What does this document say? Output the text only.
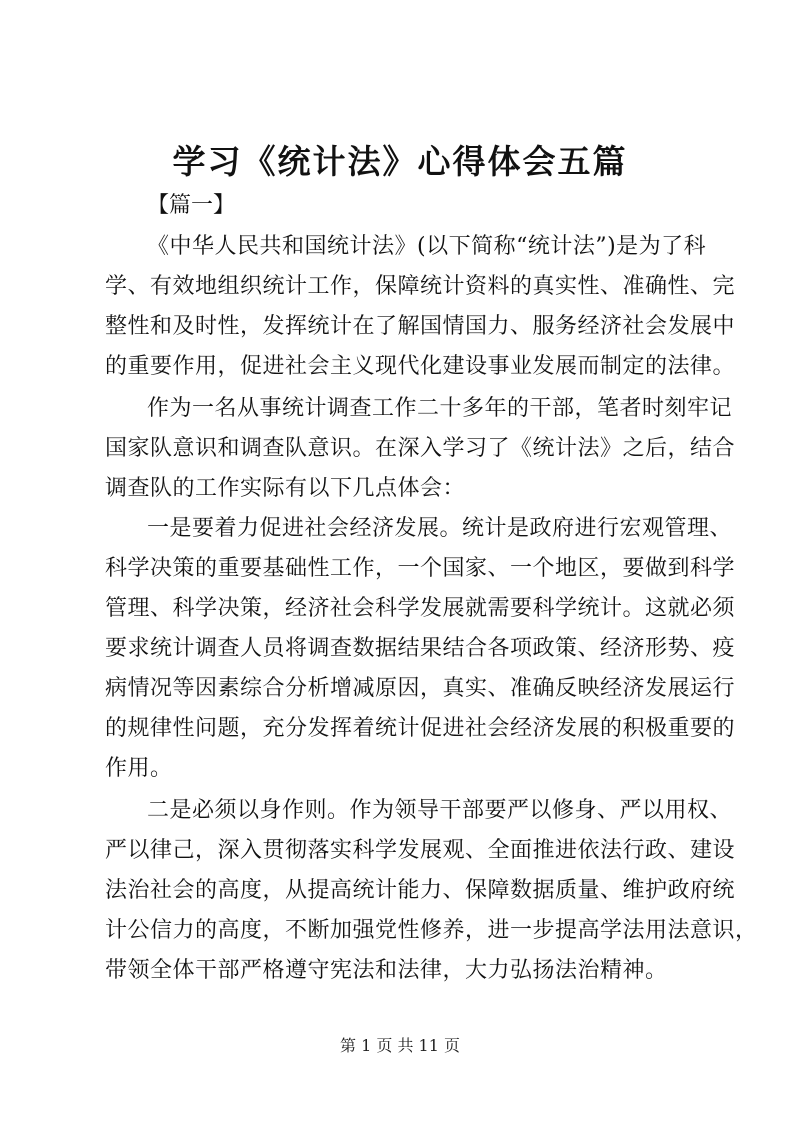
学习《统计法》心得体会五篇
【篇一】
《中华人民共和国统计法》(以下简称“统计法”)是为了科
学、有效地组织统计工作，保障统计资料的真实性、准确性、完
整性和及时性，发挥统计在了解国情国力、服务经济社会发展中
的重要作用，促进社会主义现代化建设事业发展而制定的法律。
作为一名从事统计调查工作二十多年的干部，笔者时刻牢记
国家队意识和调查队意识。在深入学习了《统计法》之后，结合
调查队的工作实际有以下几点体会：
一是要着力促进社会经济发展。统计是政府进行宏观管理、
科学决策的重要基础性工作，一个国家、一个地区，要做到科学
管理、科学决策，经济社会科学发展就需要科学统计。这就必须
要求统计调查人员将调查数据结果结合各项政策、经济形势、疫
病情况等因素综合分析增减原因，真实、准确反映经济发展运行
的规律性问题，充分发挥着统计促进社会经济发展的积极重要的
作用。
二是必须以身作则。作为领导干部要严以修身、严以用权、
严以律己，深入贯彻落实科学发展观、全面推进依法行政、建设
法治社会的高度，从提高统计能力、保障数据质量、维护政府统
计公信力的高度，不断加强党性修养，进一步提高学法用法意识，
带领全体干部严格遵守宪法和法律，大力弘扬法治精神。
第 1 页 共 11 页
